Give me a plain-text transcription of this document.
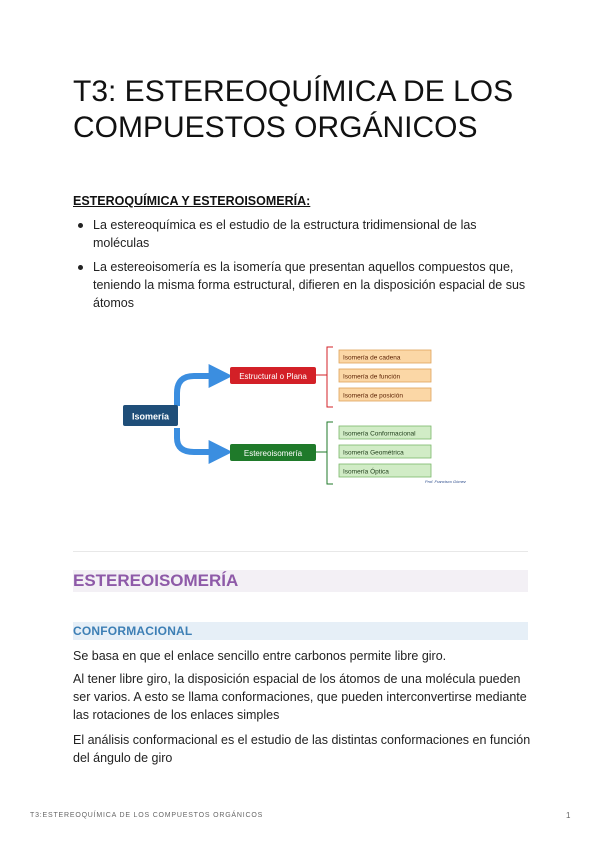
T3: ESTEREOQUÍMICA DE LOS
COMPUESTOS ORGÁNICOS
ESTEROQUÍMICA Y ESTEROISOMERÍA:
La estereoquímica es el estudio de la estructura tridimensional de las moléculas
La estereoisomería es la isomería que presentan aquellos compuestos que, teniendo la misma forma estructural, difieren en la disposición espacial de sus átomos
Isomería
Estructural o Plana
Estereoisomería
Isomería de cadena
Isomería de función
Isomería de posición
Isomería Conformacional
Isomería Geométrica
Isomería Óptica
Prof. Francisco Gómez
ESTEREOISOMERÍA
CONFORMACIONAL

Se basa en que el enlace sencillo entre carbonos permite libre giro.

Al tener libre giro, la disposición espacial de los átomos de una molécula pueden ser varios. A esto se llama conformaciones, que pueden interconvertirse mediante las rotaciones de los enlaces simples

El análisis conformacional es el estudio de las distintas conformaciones en función del ángulo de giro

T3:ESTEREOQUÍMICA DE LOS COMPUESTOS ORGÁNICOS	1
